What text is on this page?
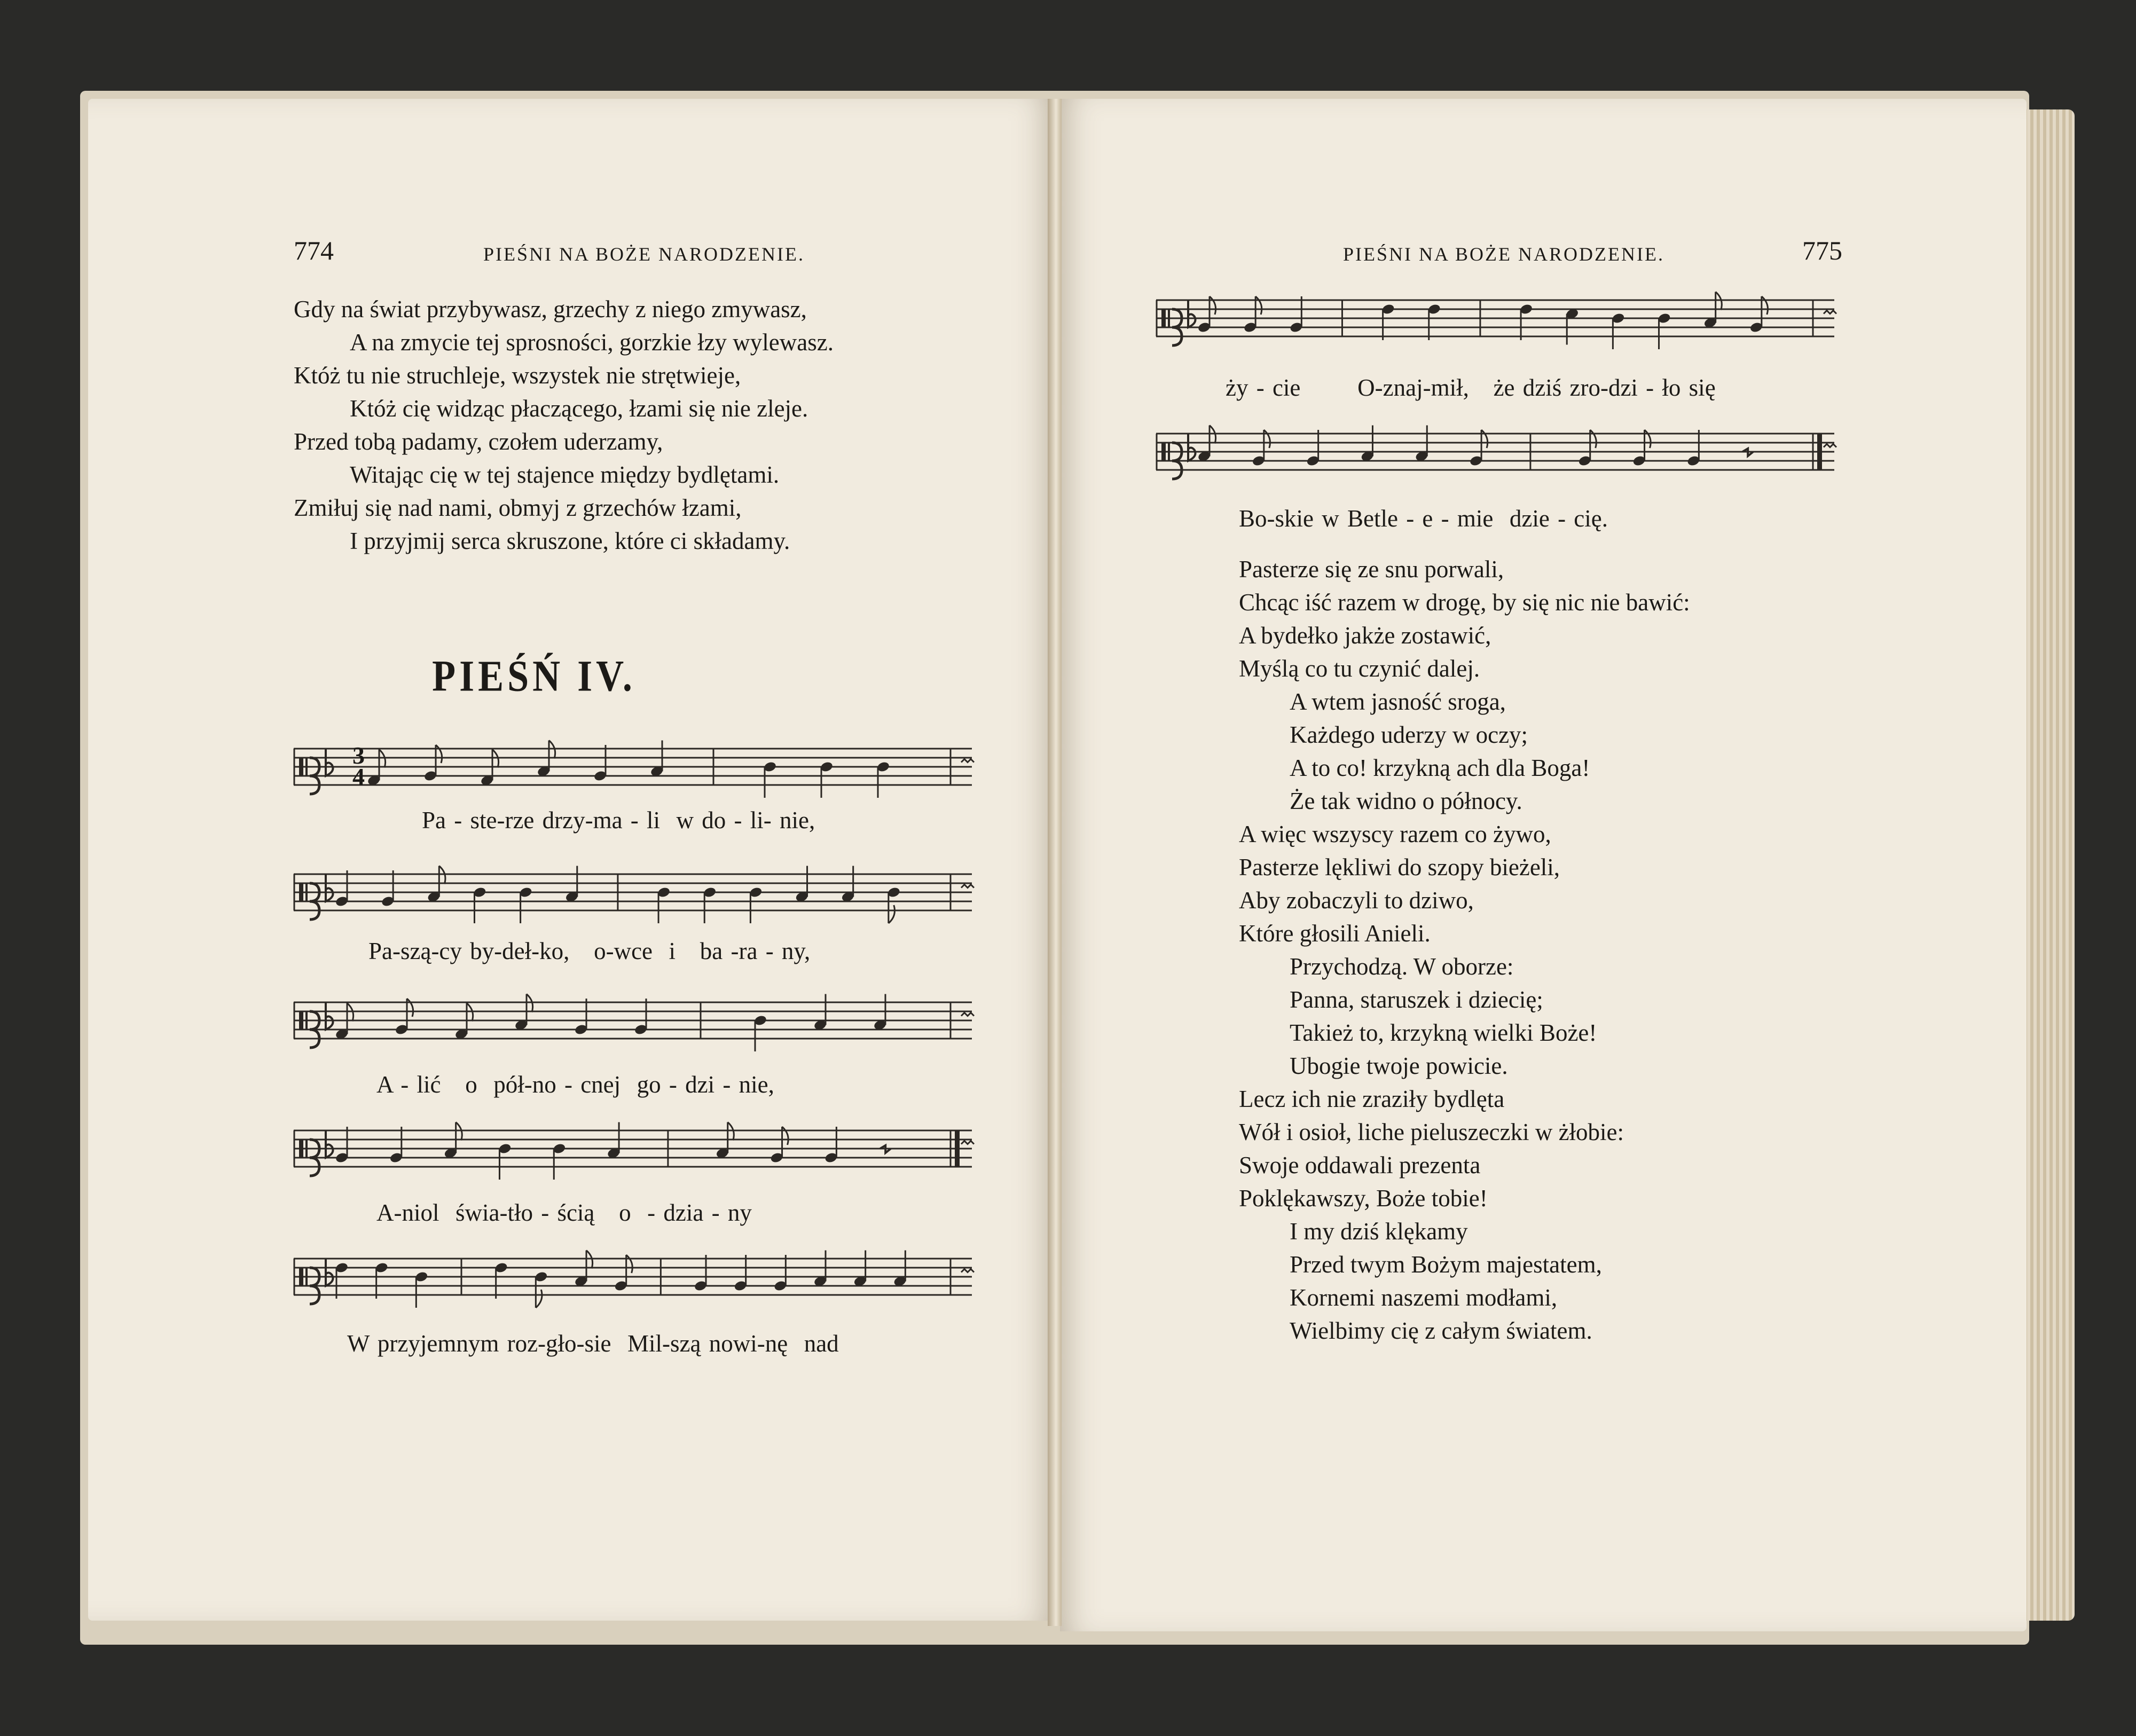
774	PIEŚNI NA BOŻE NARODZENIE.
Gdy na świat przybywasz, grzechy z niego zmywasz,
A na zmycie tej sprosności, gorzkie łzy wylewasz.
Któż tu nie struchleje, wszystek nie strętwieje,
Któż cię widząc płaczącego, łzami się nie zleje.
Przed tobą padamy, czołem uderzamy,
Witając cię w tej stajence między bydlętami.
Zmiłuj się nad nami, obmyj z grzechów łzami,
I przyjmij serca skruszone, które ci składamy.
PIEŚŃ IV.
3
4
Pa - ste-rze drzy-ma - li  w do - li- nie,
Pa-szą-cy by-deł-ko,   o-wce  i   ba -ra - ny,
A - lić   o  pół-no - cnej  go - dzi - nie,
A-niol  świa-tło - ścią   o  - dzia - ny
W przyjemnym roz-gło-sie  Mil-szą nowi-nę  nad
PIEŚNI NA BOŻE NARODZENIE.	775
ży - cie       O-znaj-mił,   że dziś zro-dzi - ło się
Bo-skie w Betle - e - mie  dzie - cię.
Pasterze się ze snu porwali,
Chcąc iść razem w drogę, by się nic nie bawić:
A bydełko jakże zostawić,
Myślą co tu czynić dalej.
A wtem jasność sroga,
Każdego uderzy w oczy;
A to co! krzykną ach dla Boga!
Że tak widno o północy.
A więc wszyscy razem co żywo,
Pasterze lękliwi do szopy bieżeli,
Aby zobaczyli to dziwo,
Które głosili Anieli.
Przychodzą. W oborze:
Panna, staruszek i dziecię;
Takież to, krzykną wielki Boże!
Ubogie twoje powicie.
Lecz ich nie zraziły bydlęta
Wół i osioł, liche pieluszeczki w żłobie:
Swoje oddawali prezenta
Poklękawszy, Boże tobie!
I my dziś klękamy
Przed twym Bożym majestatem,
Kornemi naszemi modłami,
Wielbimy cię z całym światem.
